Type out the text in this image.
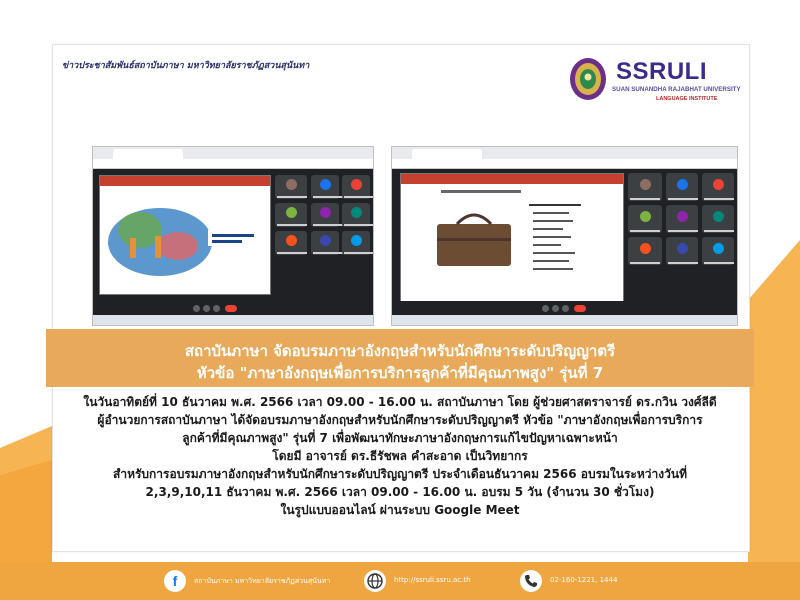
ข่าวประชาสัมพันธ์สถาบันภาษา มหาวิทยาลัยราชภัฏสวนสุนันทา	SSRULI
SUAN SUNANDHA RAJABHAT UNIVERSITY
LANGUAGE INSTITUTE
สถาบันภาษา จัดอบรมภาษาอังกฤษสำหรับนักศึกษาระดับปริญญาตรี
หัวข้อ "ภาษาอังกฤษเพื่อการบริการลูกค้าที่มีคุณภาพสูง" รุ่นที่ 7
ในวันอาทิตย์ที่ 10 ธันวาคม พ.ศ. 2566 เวลา 09.00 - 16.00 น. สถาบันภาษา โดย ผู้ช่วยศาสตราจารย์ ดร.กวิน วงศ์ลีดี
ผู้อำนวยการสถาบันภาษา ได้จัดอบรมภาษาอังกฤษสำหรับนักศึกษาระดับปริญญาตรี หัวข้อ "ภาษาอังกฤษเพื่อการบริการ
ลูกค้าที่มีคุณภาพสูง" รุ่นที่ 7 เพื่อพัฒนาทักษะภาษาอังกฤษการแก้ไขปัญหาเฉพาะหน้า
โดยมี อาจารย์ ดร.ธีรัชพล คำสะอาด เป็นวิทยากร
สำหรับการอบรมภาษาอังกฤษสำหรับนักศึกษาระดับปริญญาตรี ประจำเดือนธันวาคม 2566 อบรมในระหว่างวันที่
2,3,9,10,11 ธันวาคม พ.ศ. 2566 เวลา 09.00 - 16.00 น. อบรม 5 วัน (จำนวน 30 ชั่วโมง)
ในรูปแบบออนไลน์ ผ่านระบบ Google Meet
f	สถาบันภาษา มหาวิทยาลัยราชภัฏสวนสุนันทา	http://ssruli.ssru.ac.th	02-160-1221, 1444
